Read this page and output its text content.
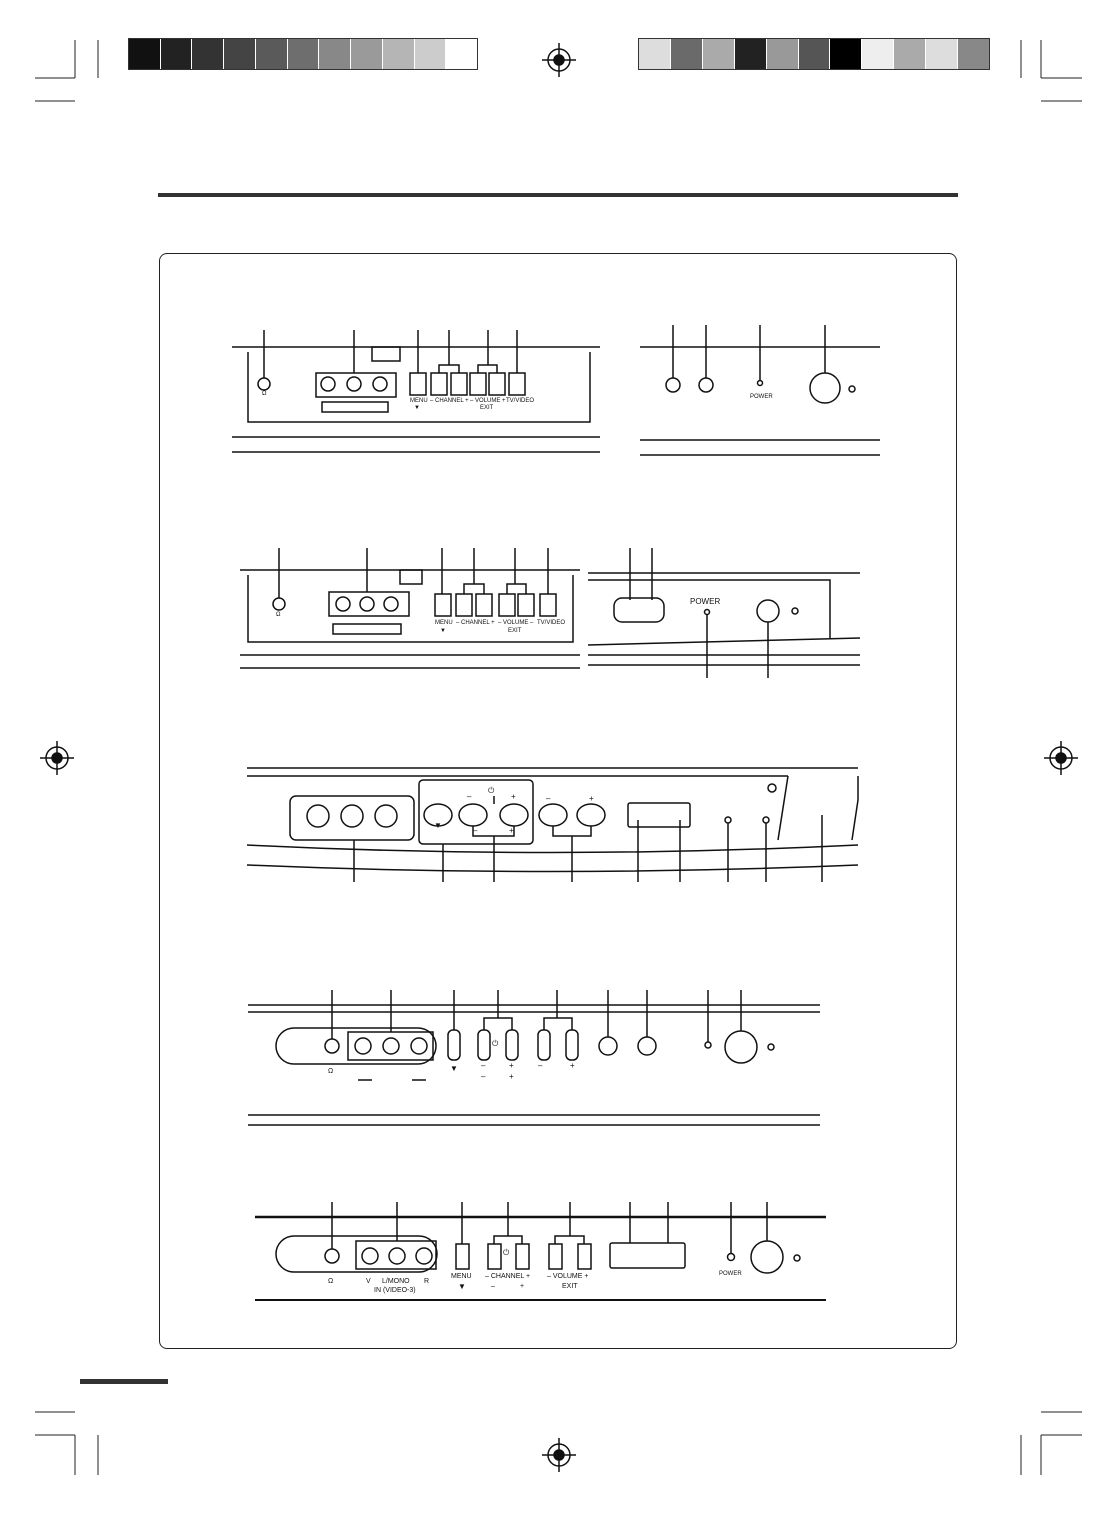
Ω
MENU
▼
– CHANNEL + – VOLUME +
EXIT
TV/VIDEO
POWER
Ω
MENU
▼
– CHANNEL + – VOLUME –
EXIT
TV/VIDEO
POWER
▼
–	+
⏻
–	+
–	+
Ω	▼
⏻
–	+
–	+
–	+
Ω	V L/MONO R
IN (VIDEO-3)
MENU
▼
⏻
– CHANNEL +
–	+
– VOLUME +
EXIT
POWER
